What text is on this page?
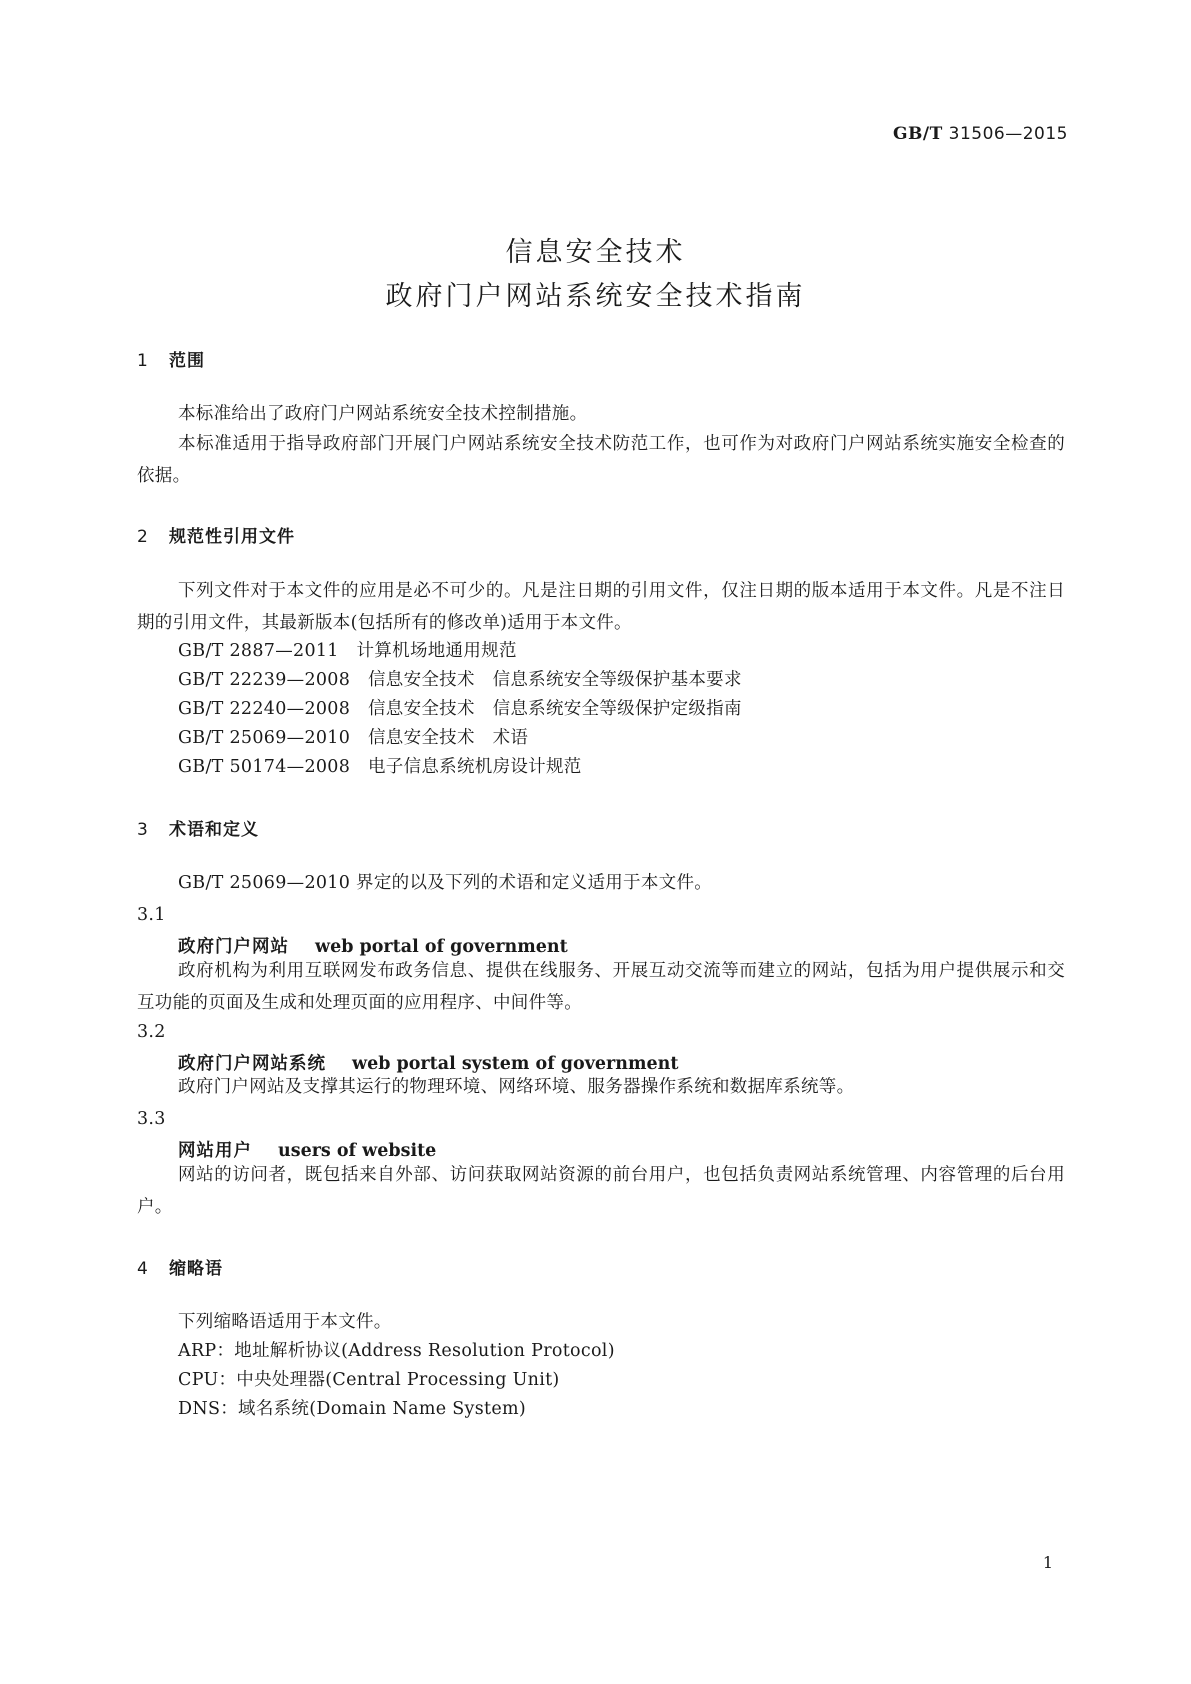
GB/T 31506—2015
信息安全技术
政府门户网站系统安全技术指南
1 范围
本标准给出了政府门户网站系统安全技术控制措施。
本标准适用于指导政府部门开展门户网站系统安全技术防范工作，也可作为对政府门户网站系统实施安全检查的依据。
2 规范性引用文件
下列文件对于本文件的应用是必不可少的。凡是注日期的引用文件，仅注日期的版本适用于本文件。凡是不注日期的引用文件，其最新版本(包括所有的修改单)适用于本文件。
GB/T 2887—2011　计算机场地通用规范
GB/T 22239—2008　信息安全技术　信息系统安全等级保护基本要求
GB/T 22240—2008　信息安全技术　信息系统安全等级保护定级指南
GB/T 25069—2010　信息安全技术　术语
GB/T 50174—2008　电子信息系统机房设计规范
3 术语和定义
GB/T 25069—2010 界定的以及下列的术语和定义适用于本文件。
3.1
政府门户网站 web portal of government
政府机构为利用互联网发布政务信息、提供在线服务、开展互动交流等而建立的网站，包括为用户提供展示和交互功能的页面及生成和处理页面的应用程序、中间件等。
3.2
政府门户网站系统 web portal system of government
政府门户网站及支撑其运行的物理环境、网络环境、服务器操作系统和数据库系统等。
3.3
网站用户 users of website
网站的访问者，既包括来自外部、访问获取网站资源的前台用户，也包括负责网站系统管理、内容管理的后台用户。
4 缩略语
下列缩略语适用于本文件。
ARP：地址解析协议(Address Resolution Protocol)
CPU：中央处理器(Central Processing Unit)
DNS：域名系统(Domain Name System)
1
